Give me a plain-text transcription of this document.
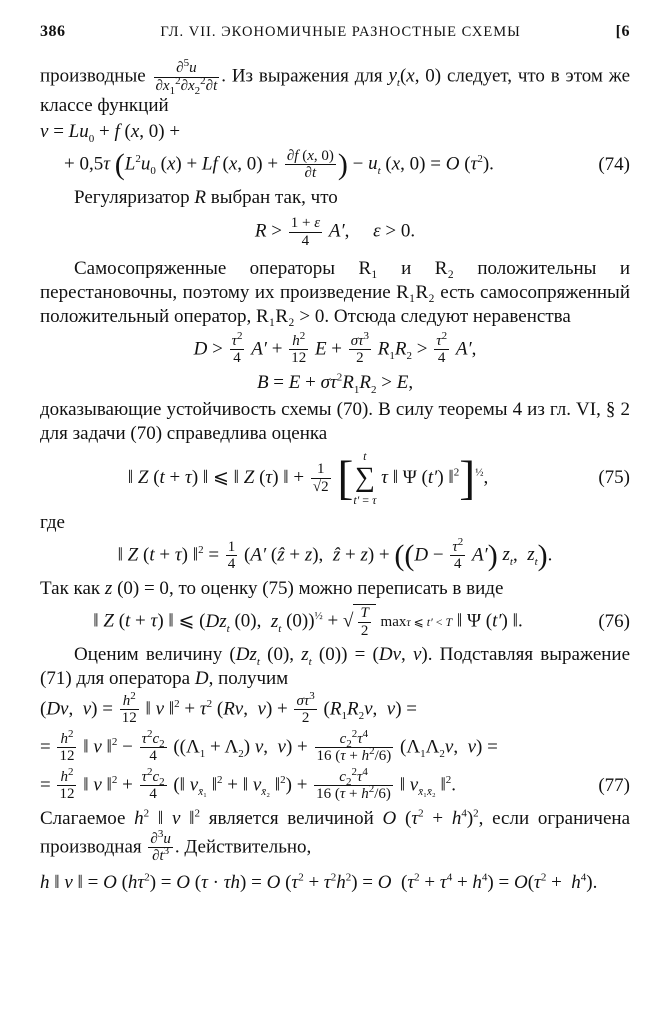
386	ГЛ. VII. ЭКОНОМИЧНЫЕ РАЗНОСТНЫЕ СХЕМЫ	[6

производные $\frac{\partial^5u}{\partial x_1^2\partial x_2^2\partial t}$ . Из выражения для $y_t(x$, 0) следует, что в этом же классе функций

$\nu = Lu_0 + f$ (x, 0) +
+ 0,5τ ($L^2u_0$ (x) + Lf (x, $0) + \frac{\partial f (x, 0)}{\partial t}$ ) − $u_t$ (x, 0) = O $(\tau^2)$.	(74)

Регуляризатор R выбран так, что

$R > \frac{1 + \varepsilon}{4} A'$,     ε > 0.

Самосопряженные операторы R₁ и R₂ положительны и перестановочны, поэтому их произведение R₁R₂ есть самосопряженный положительный оператор, R₁R₂ > 0. Отсюда следуют неравенства

$D > \frac{\tau^2}{4} A' + \frac{h^2}{12}$ $E + \frac{\sigma\tau^3}{2} R_1R_2 > \frac{\tau^2}{4} A'$,
$B = E + \sigma\tau^2R_1R_2 > E$,

доказывающие устойчивость схемы (70). В силу теоремы 4 из гл. VI, § 2 для задачи (70) справедлива оценка

‖ Z (t + τ) ‖ ⩽ ‖ Z (τ) ‖ + $\frac{1}{√2}$ [ t
∑
t′ = τ τ ‖ Ψ (t′) ‖$^2$]$^{\frac{1}{2}}$,	(75)

где

‖ Z (t + τ) ‖$^2$ = $\frac{1}{4} (A'$ (ẑ + z),  ẑ + $z) + ((D - \frac{\tau^2}{4} A')$ $z_t$,  $z_t$).

Так как z (0) = 0, то оценку (75) можно переписать в виде

‖ Z (t + τ) ‖ ⩽ ($Dz_t$ (0),  $z_t$ (0))$^{\frac{1}{2}}$ + √ $\frac{T}{2}$ maxτ ⩽ t′ < T ‖ Ψ (t′) ‖.	(76)

Оценим величину ($Dz_t$ (0), $z_t$ (0)) = (Dν, ν). Подставляя выражение (71) для оператора D, получим

(Dν,  $\nu) = \frac{h^2}{12}$ ‖ ν ‖$^2$ + $\tau^2$ (Rν,  $\nu) + \frac{\sigma\tau^3}{2} (R_1R_2\nu$,  ν) =
= $\frac{h^2}{12}$ ‖ ν ‖$^2$ − $\frac{\tau^2c_2}{4} ((\Lambda_1 + \Lambda_2)$ ν,  $\nu) + \frac{c_2^2\tau^4}{16 (\tau + h^2/6)} (\Lambda_1\Lambda_2\nu$,  ν) =
= $\frac{h^2}{12}$ ‖ ν ‖$^2$ + $\frac{\tau^2c_2}{4}$ (‖ $\nu_{x̄_1}$ ‖$^2$ + ‖ $\nu_{x̄_2}$ ‖$^2$) + $\frac{c_2^2\tau^4}{16 (\tau + h^2/6)}$ ‖ $\nu_{x̄_1x̄_2}$ ‖$^2$.	(77)

Слагаемое $h^2$ ‖ ν ‖$^2$ является величиной O $(\tau^2 + h^4)^2$, если ограничена производная $\frac{\partial^3u}{\partial t^3}$ . Действительно,

h ‖ ν ‖ = O $(h\tau^2) = O$ (τ · τh) = O $(\tau^2 + \tau^2h^2) = O$  $(\tau^2 + \tau^4 + h^4) = O(\tau^2 + h^4)$.
